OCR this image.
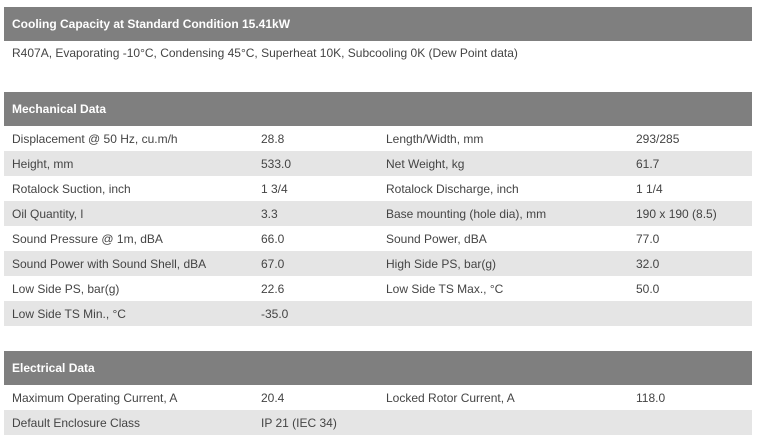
Cooling Capacity at Standard Condition 15.41kW
R407A, Evaporating -10°C, Condensing 45°C, Superheat 10K, Subcooling 0K (Dew Point data)
Mechanical Data
Displacement @ 50 Hz, cu.m/h	28.8	Length/Width, mm	293/285
Height, mm	533.0	Net Weight, kg	61.7
Rotalock Suction, inch	1 3/4	Rotalock Discharge, inch	1 1/4
Oil Quantity, l	3.3	Base mounting (hole dia), mm	190 x 190 (8.5)
Sound Pressure @ 1m, dBA	66.0	Sound Power, dBA	77.0
Sound Power with Sound Shell, dBA	67.0	High Side PS, bar(g)	32.0
Low Side PS, bar(g)	22.6	Low Side TS Max., °C	50.0
Low Side TS Min., °C	-35.0		
Electrical Data
Maximum Operating Current, A	20.4	Locked Rotor Current, A	118.0
Default Enclosure Class	IP 21 (IEC 34)		
